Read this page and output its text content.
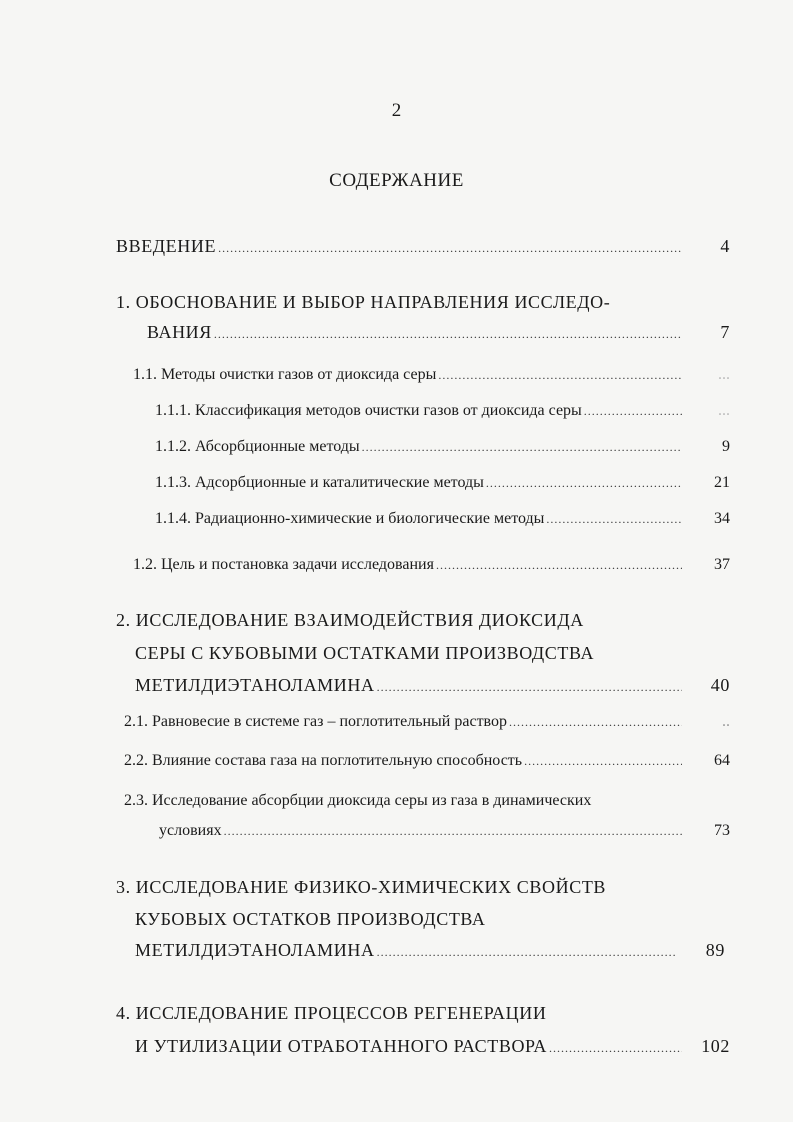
2
СОДЕРЖАНИЕ
ВВЕДЕНИЕ .....	4
1. ОБОСНОВАНИЕ И ВЫБОР НАПРАВЛЕНИЯ ИССЛЕДО-
ВАНИЯ .....	7
1.1. Методы очистки газов от диоксида серы .....	...
1.1.1. Классификация методов очистки газов от диоксида серы .....	...
1.1.2. Абсорбционные методы .....	9
1.1.3. Адсорбционные и каталитические методы .....	21
1.1.4. Радиационно-химические и биологические методы .....	34
1.2. Цель и постановка задачи исследования .....	37
2. ИССЛЕДОВАНИЕ ВЗАИМОДЕЙСТВИЯ ДИОКСИДА
СЕРЫ С КУБОВЫМИ ОСТАТКАМИ ПРОИЗВОДСТВА
МЕТИЛДИЭТАНОЛАМИНА .....	40
2.1. Равновесие в системе газ – поглотительный раствор .....	..
2.2. Влияние состава газа на поглотительную способность .....	64
2.3. Исследование абсорбции диоксида серы из газа в динамических
условиях .....	73
3. ИССЛЕДОВАНИЕ ФИЗИКО-ХИМИЧЕСКИХ СВОЙСТВ
КУБОВЫХ ОСТАТКОВ ПРОИЗВОДСТВА
МЕТИЛДИЭТАНОЛАМИНА .....	89
4. ИССЛЕДОВАНИЕ ПРОЦЕССОВ РЕГЕНЕРАЦИИ
И УТИЛИЗАЦИИ ОТРАБОТАННОГО РАСТВОРА .....	102
